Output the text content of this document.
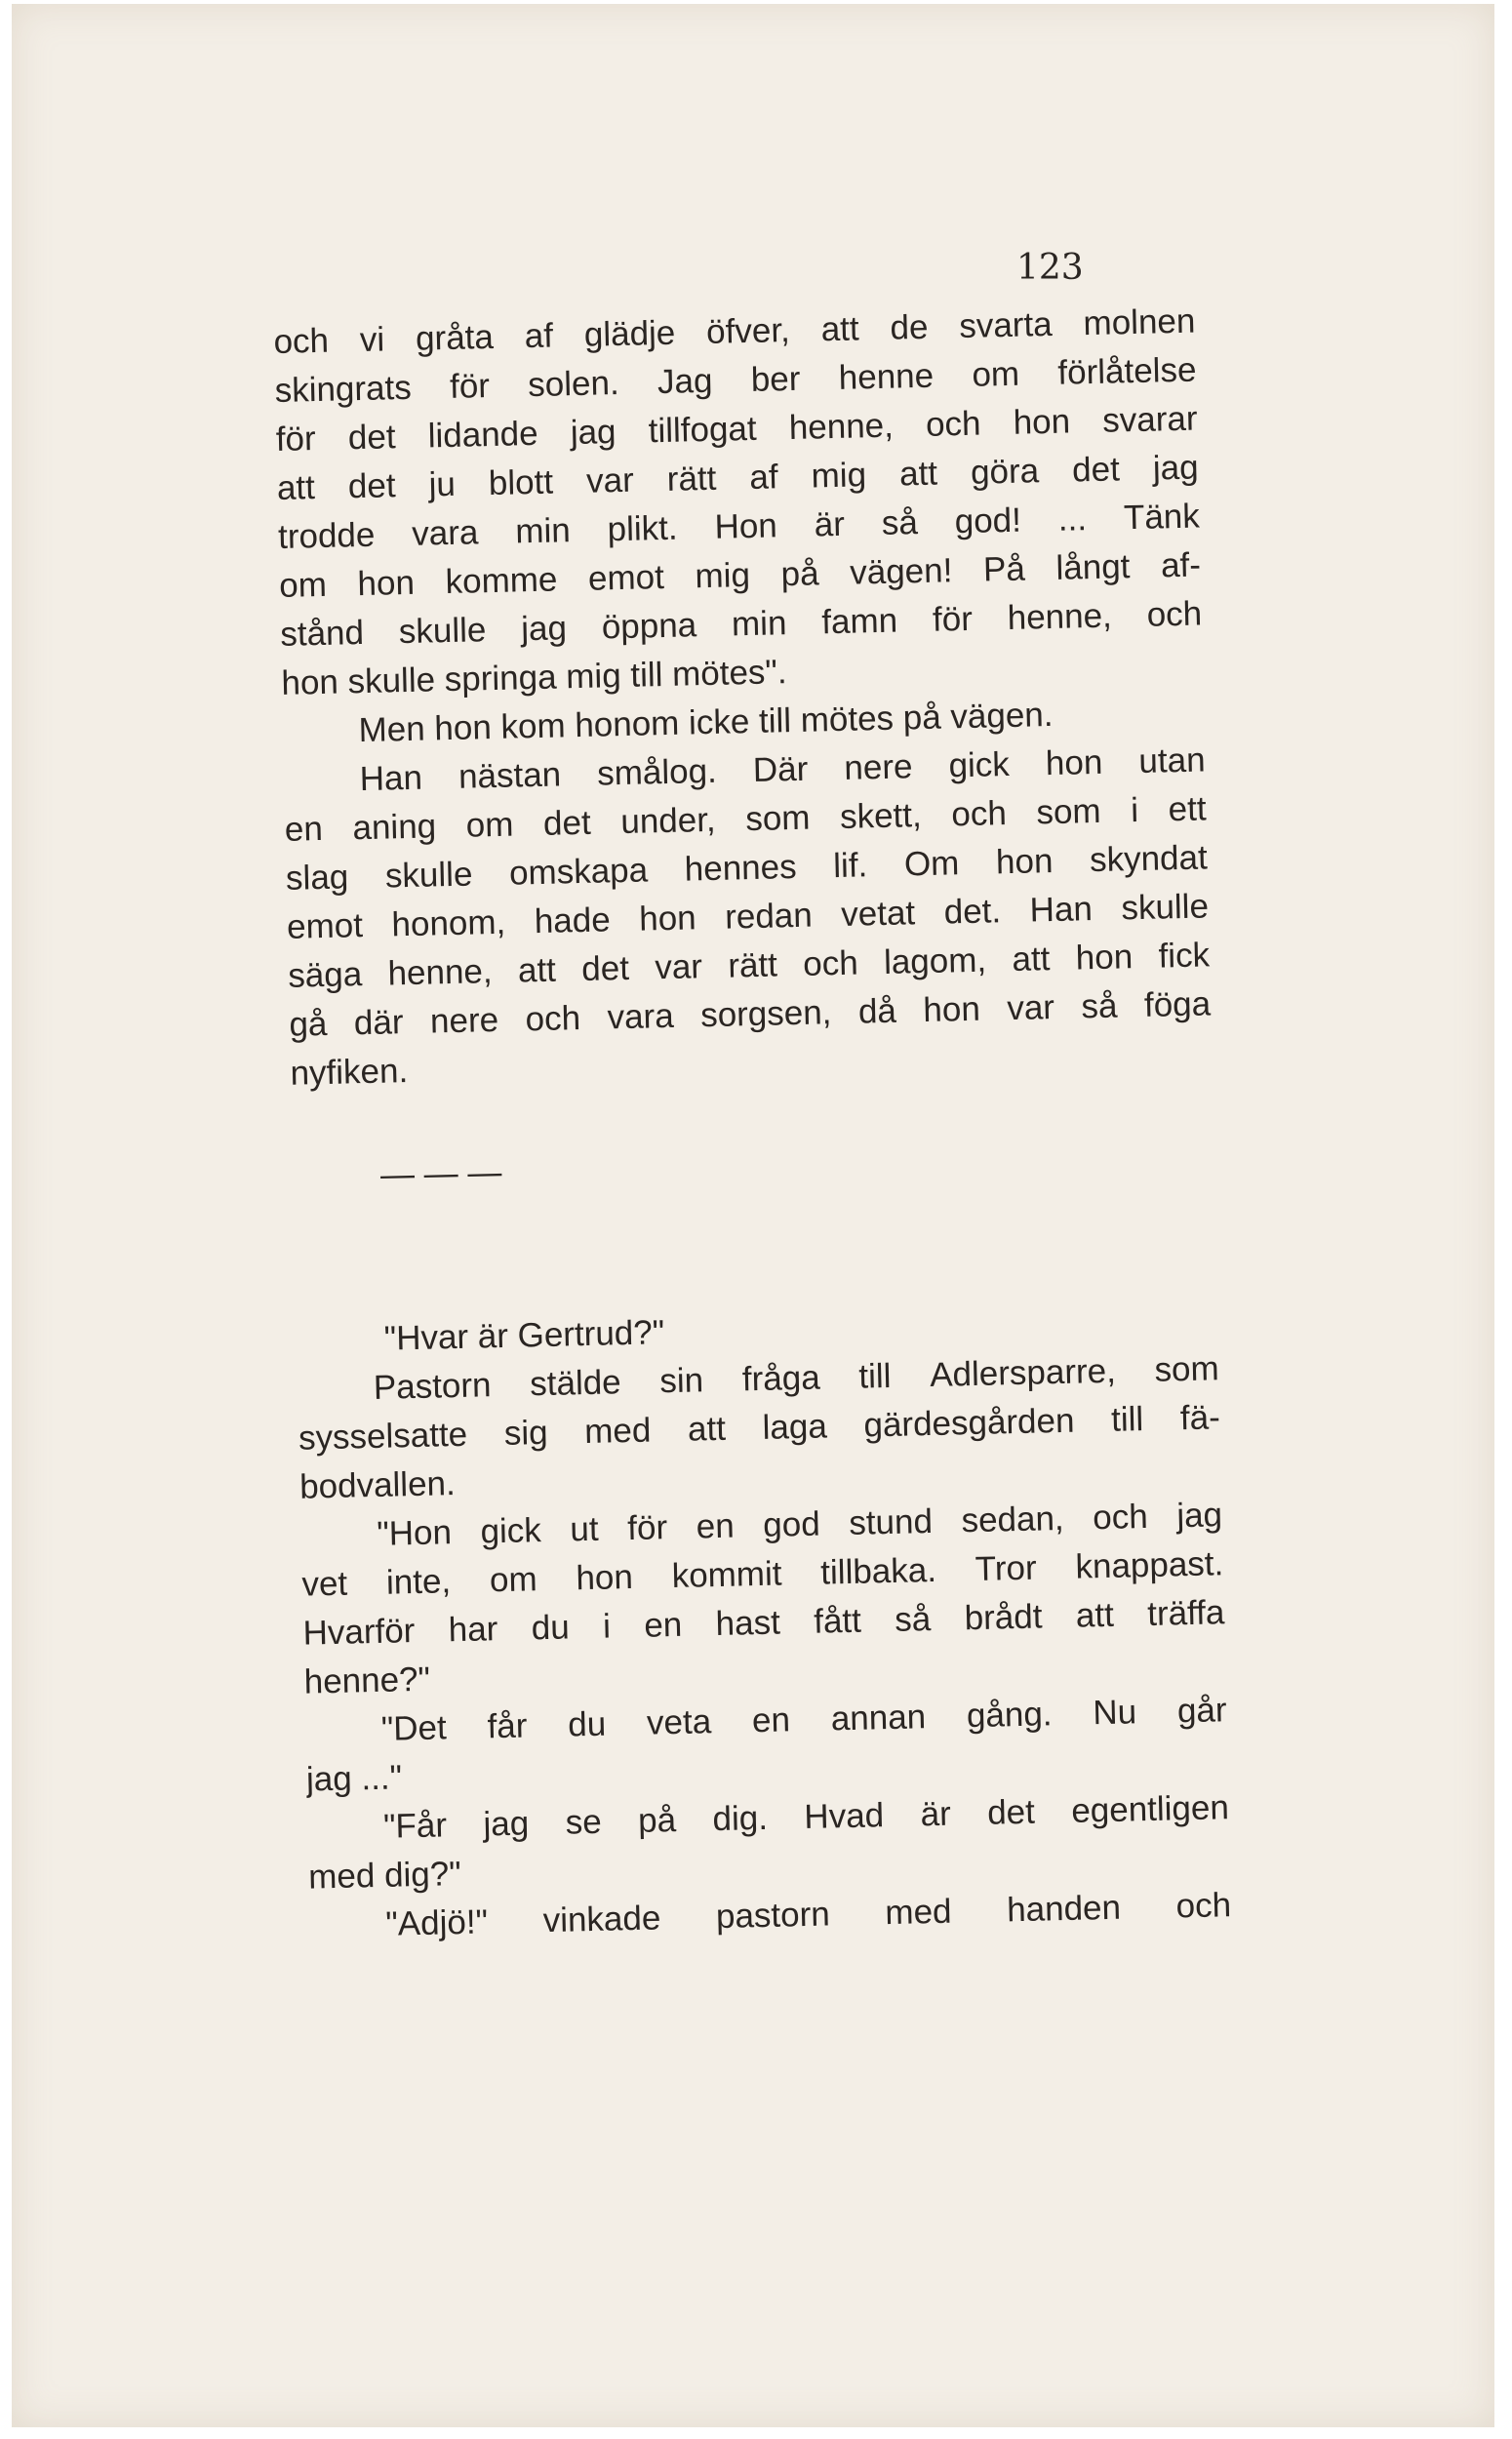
123
och vi gråta af glädje öfver, att de svarta molnen
skingrats för solen. Jag ber henne om förlåtelse
för det lidande jag tillfogat henne, och hon svarar
att det ju blott var rätt af mig att göra det jag
trodde vara min plikt. Hon är så god! ... Tänk
om hon komme emot mig på vägen! På långt af-
stånd skulle jag öppna min famn för henne, och
hon skulle springa mig till mötes".
Men hon kom honom icke till mötes på vägen.
Han nästan smålog. Där nere gick hon utan
en aning om det under, som skett, och som i ett
slag skulle omskapa hennes lif. Om hon skyndat
emot honom, hade hon redan vetat det. Han skulle
säga henne, att det var rätt och lagom, att hon fick
gå där nere och vara sorgsen, då hon var så föga
nyfiken.
— — —
"Hvar är Gertrud?"
Pastorn stälde sin fråga till Adlersparre, som
sysselsatte sig med att laga gärdesgården till fä-
bodvallen.
"Hon gick ut för en god stund sedan, och jag
vet inte, om hon kommit tillbaka. Tror knappast.
Hvarför har du i en hast fått så brådt att träffa
henne?"
"Det får du veta en annan gång. Nu går
jag ..."
"Får jag se på dig. Hvad är det egentligen
med dig?"
"Adjö!" vinkade pastorn med handen och
